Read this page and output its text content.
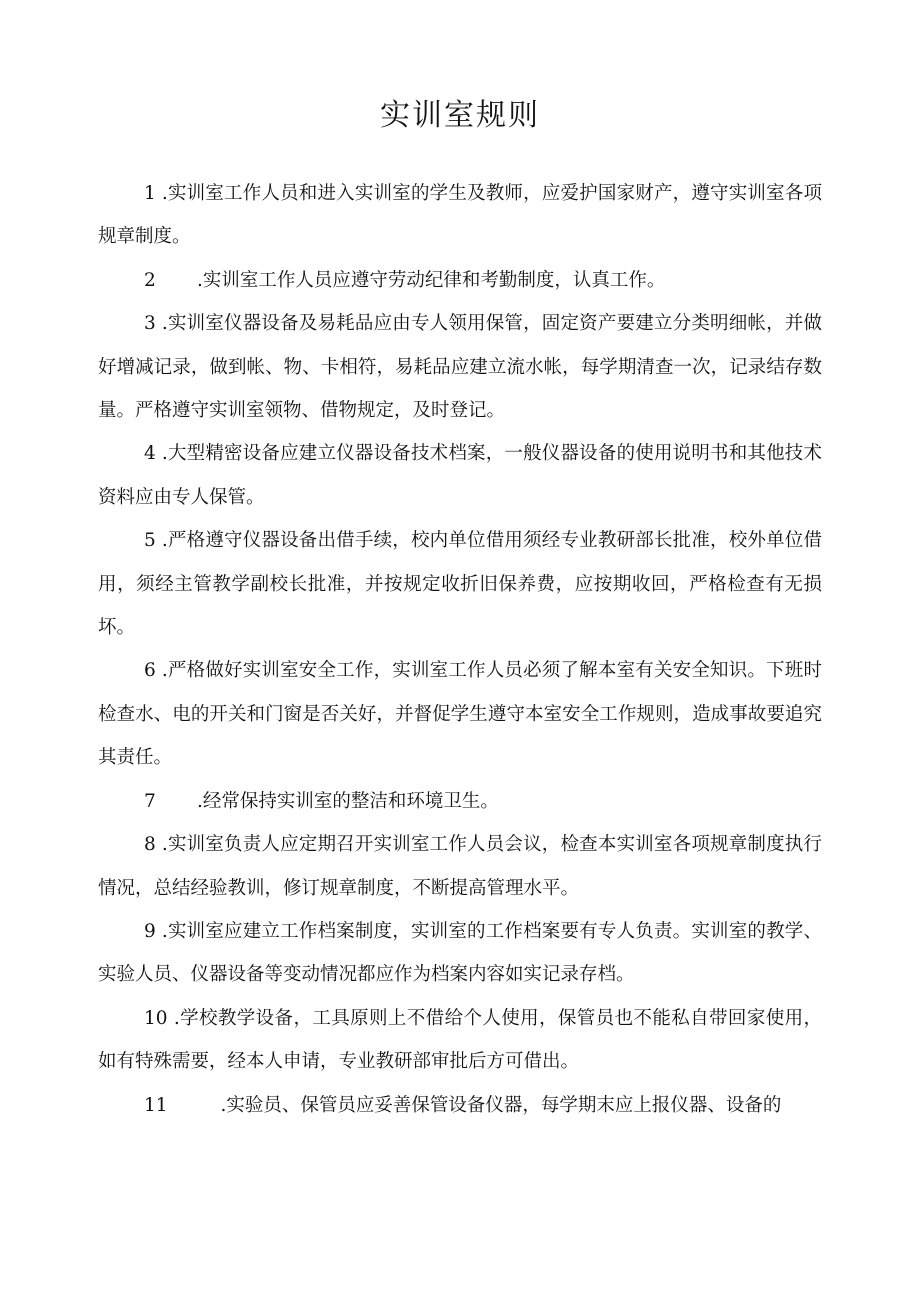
实训室规则

1 .实训室工作人员和进入实训室的学生及教师，应爱护国家财产，遵守实训室各项规章制度。

2       .实训室工作人员应遵守劳动纪律和考勤制度，认真工作。

3 .实训室仪器设备及易耗品应由专人领用保管，固定资产要建立分类明细帐，并做好增减记录，做到帐、物、卡相符，易耗品应建立流水帐，每学期清查一次，记录结存数量。严格遵守实训室领物、借物规定，及时登记。

4 .大型精密设备应建立仪器设备技术档案，一般仪器设备的使用说明书和其他技术资料应由专人保管。

5 .严格遵守仪器设备出借手续，校内单位借用须经专业教研部长批准，校外单位借用，须经主管教学副校长批准，并按规定收折旧保养费，应按期收回，严格检查有无损坏。

6 .严格做好实训室安全工作，实训室工作人员必须了解本室有关安全知识。下班时检查水、电的开关和门窗是否关好，并督促学生遵守本室安全工作规则，造成事故要追究其责任。

7       .经常保持实训室的整洁和环境卫生。

8 .实训室负责人应定期召开实训室工作人员会议，检查本实训室各项规章制度执行情况，总结经验教训，修订规章制度，不断提高管理水平。

9 .实训室应建立工作档案制度，实训室的工作档案要有专人负责。实训室的教学、实验人员、仪器设备等变动情况都应作为档案内容如实记录存档。

10 .学校教学设备，工具原则上不借给个人使用，保管员也不能私自带回家使用，如有特殊需要，经本人申请，专业教研部审批后方可借出。

11         .实验员、保管员应妥善保管设备仪器，每学期末应上报仪器、设备的
